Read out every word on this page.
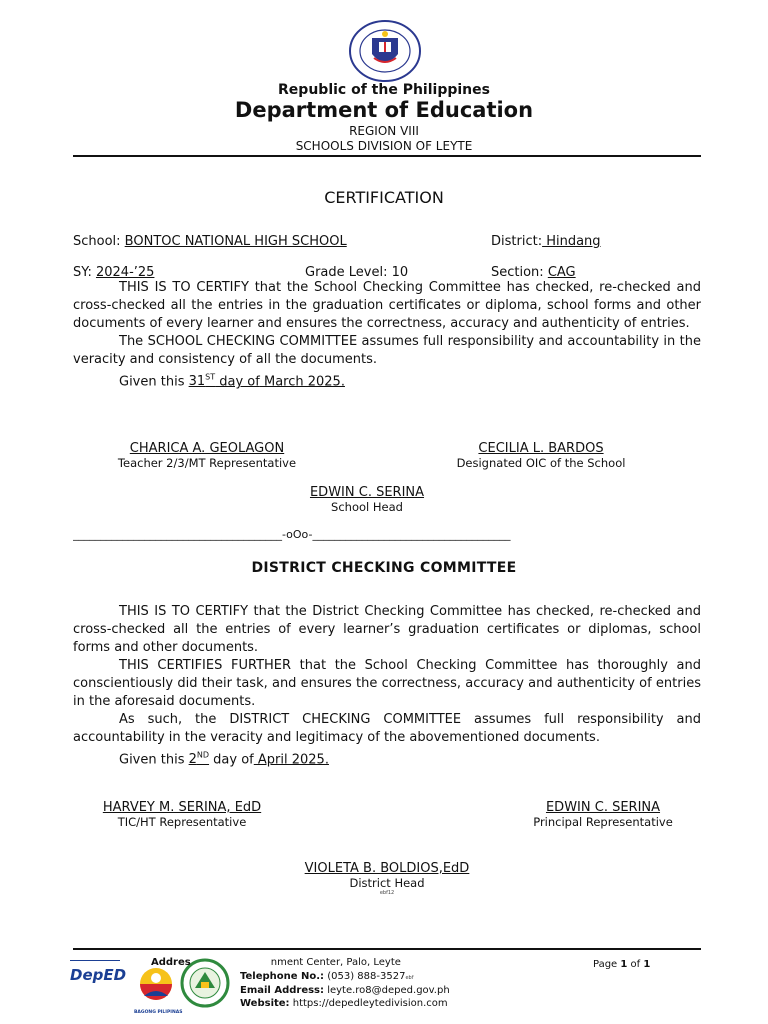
Republic of the Philippines
Department of Education
REGION VIII
SCHOOLS DIVISION OF LEYTE
CERTIFICATION
School: BONTOC NATIONAL HIGH SCHOOL	District: Hindang
SY: 2024-’25	Grade Level: 10	Section: CAG

THIS IS TO CERTIFY that the School Checking Committee has checked, re-checked and cross-checked all the entries in the graduation certificates or diploma, school forms and other documents of every learner and ensures the correctness, accuracy and authenticity of entries.

The SCHOOL CHECKING COMMITTEE assumes full responsibility and accountability in the veracity and consistency of all the documents.

Given this 31ST day of March 2025.

CHARICA A. GEOLAGON
Teacher 2/3/MT Representative
CECILIA L. BARDOS
Designated OIC of the School
EDWIN C. SERINA
School Head
______________________________________-oOo-____________________________________
DISTRICT CHECKING COMMITTEE

THIS IS TO CERTIFY that the District Checking Committee has checked, re-checked and cross-checked all the entries of every learner’s graduation certificates or diplomas, school forms and other documents.

THIS CERTIFIES FURTHER that the School Checking Committee has thoroughly and conscientiously did their task, and ensures the correctness, accuracy and authenticity of entries in the aforesaid documents.

As such, the DISTRICT CHECKING COMMITTEE assumes full responsibility and accountability in the veracity and legitimacy of the abovementioned documents.

Given this 2ND day of April 2025.

HARVEY M. SERINA, EdD
TIC/HT Representative
EDWIN C. SERINA
Principal Representative
VIOLETA B. BOLDIOS,EdD
District Head
ebf12
DepED
BAGONG PILIPINAS
Addres	nment Center, Palo, Leyte	Page 1 of 1
Telephone No.: (053) 888-3527ebf
Email Address: leyte.ro8@deped.gov.ph
Website: https://depedleytedivision.com
